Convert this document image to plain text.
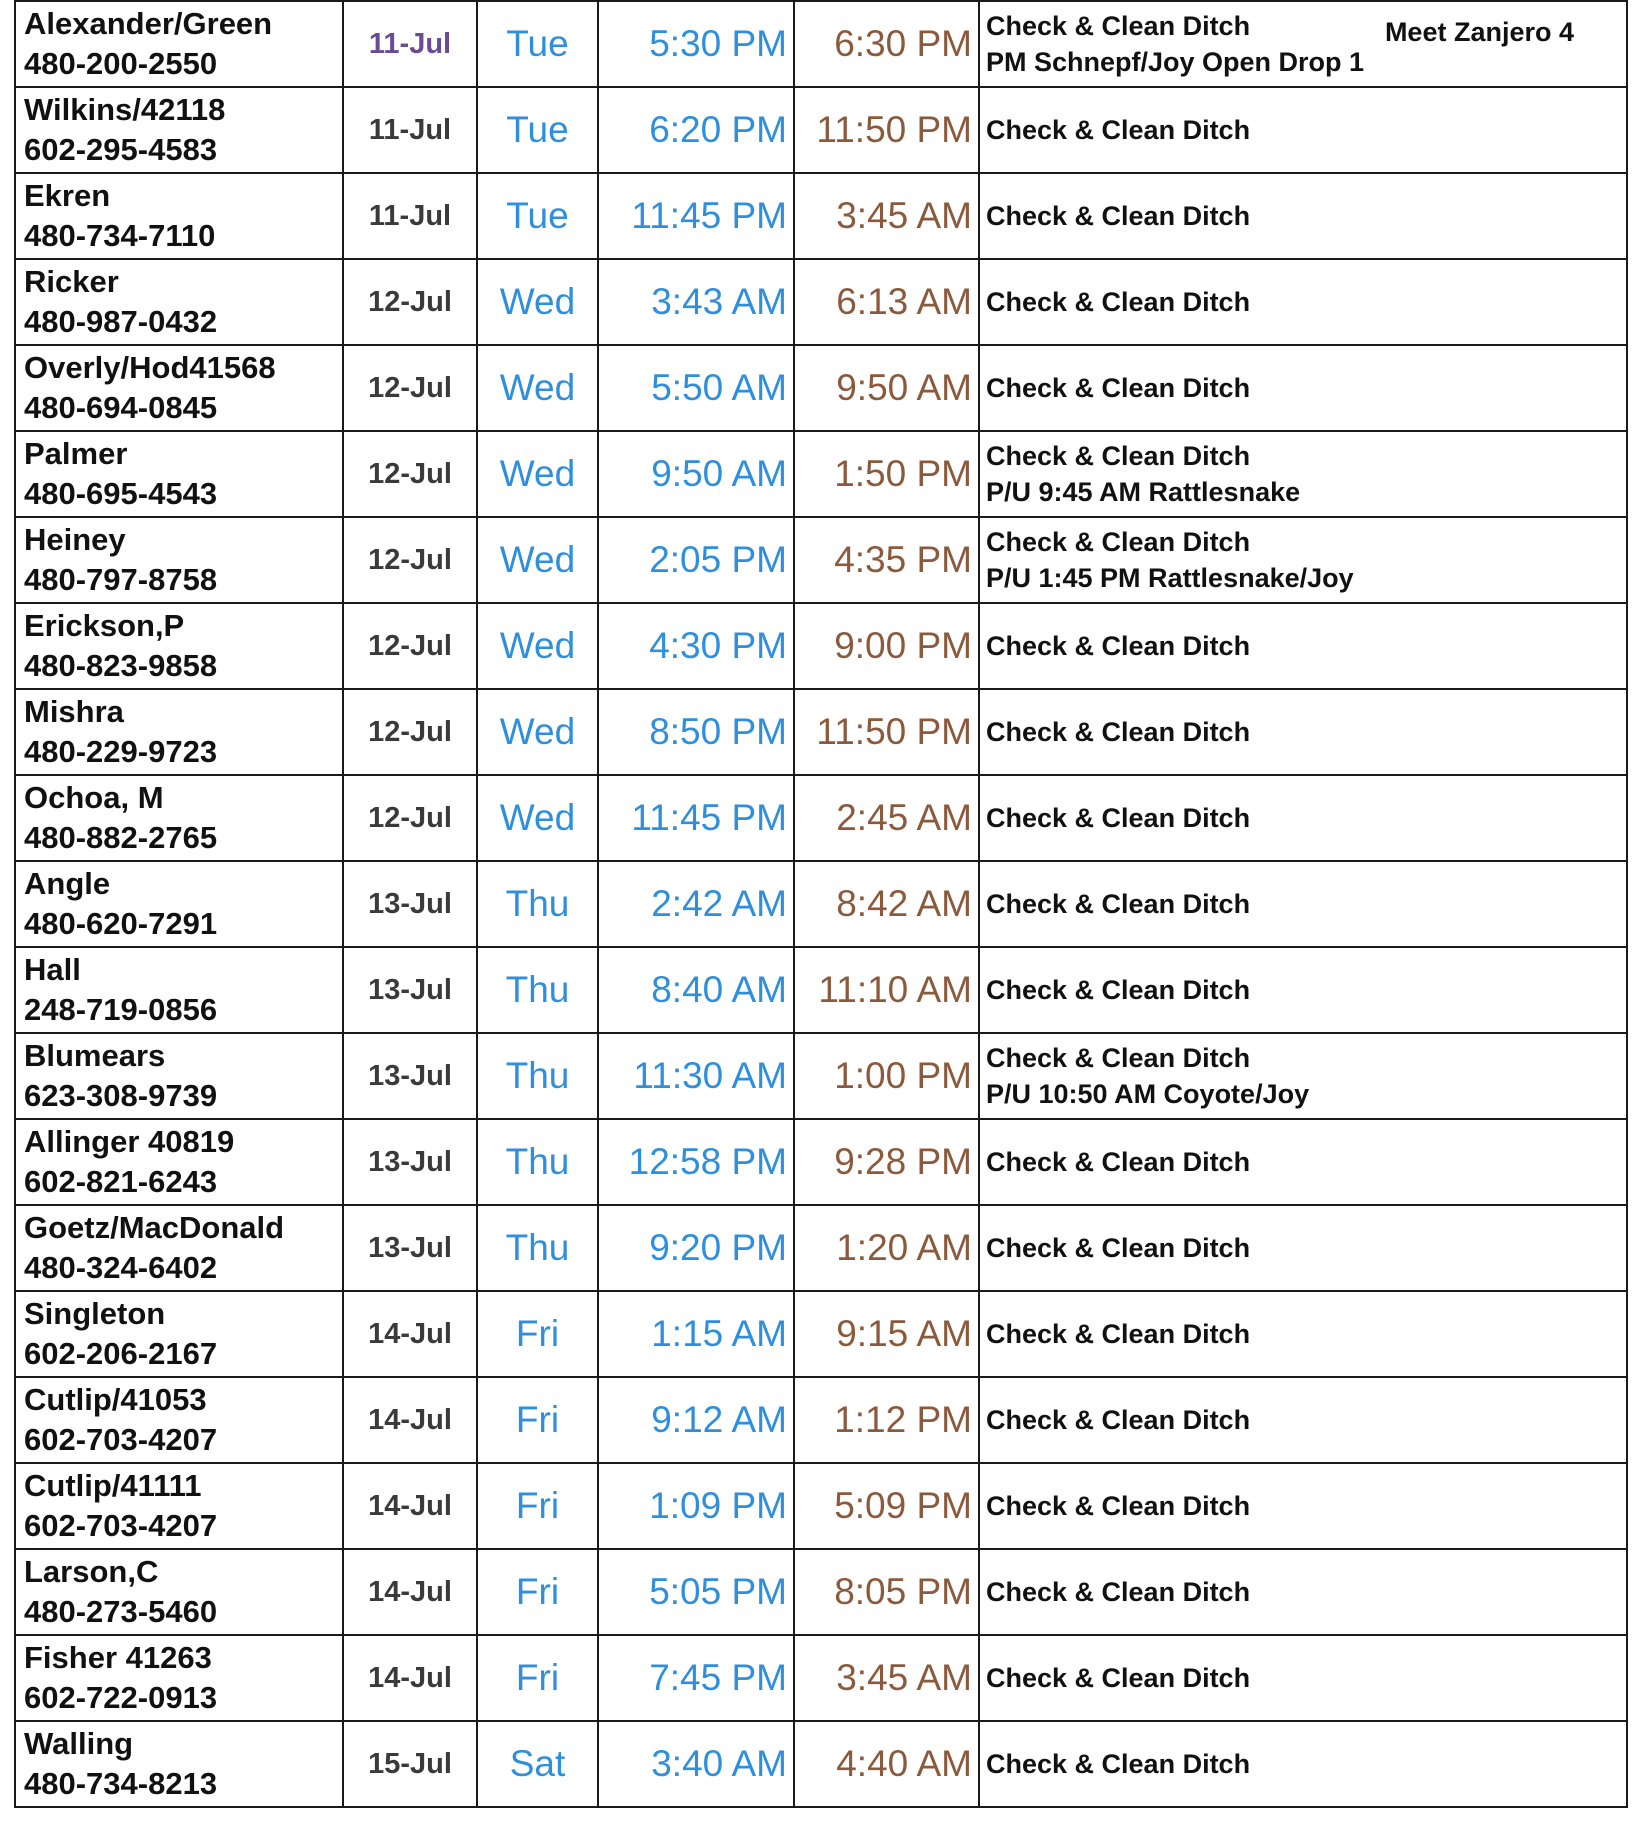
Alexander/Green
480-200-2550	11-Jul	Tue	5:30 PM	6:30 PM	Check & Clean Ditch
PM Schnepf/Joy Open Drop 1
Meet Zanjero 4

Wilkins/42118
602-295-4583	11-Jul	Tue	6:20 PM	11:50 PM	Check & Clean Ditch

Ekren
480-734-7110	11-Jul	Tue	11:45 PM	3:45 AM	Check & Clean Ditch

Ricker
480-987-0432	12-Jul	Wed	3:43 AM	6:13 AM	Check & Clean Ditch

Overly/Hod41568
480-694-0845	12-Jul	Wed	5:50 AM	9:50 AM	Check & Clean Ditch

Palmer
480-695-4543	12-Jul	Wed	9:50 AM	1:50 PM	Check & Clean Ditch
P/U 9:45 AM Rattlesnake

Heiney
480-797-8758	12-Jul	Wed	2:05 PM	4:35 PM	Check & Clean Ditch
P/U 1:45 PM Rattlesnake/Joy

Erickson,P
480-823-9858	12-Jul	Wed	4:30 PM	9:00 PM	Check & Clean Ditch

Mishra
480-229-9723	12-Jul	Wed	8:50 PM	11:50 PM	Check & Clean Ditch

Ochoa, M
480-882-2765	12-Jul	Wed	11:45 PM	2:45 AM	Check & Clean Ditch

Angle
480-620-7291	13-Jul	Thu	2:42 AM	8:42 AM	Check & Clean Ditch

Hall
248-719-0856	13-Jul	Thu	8:40 AM	11:10 AM	Check & Clean Ditch

Blumears
623-308-9739	13-Jul	Thu	11:30 AM	1:00 PM	Check & Clean Ditch
P/U 10:50 AM Coyote/Joy

Allinger 40819
602-821-6243	13-Jul	Thu	12:58 PM	9:28 PM	Check & Clean Ditch

Goetz/MacDonald
480-324-6402	13-Jul	Thu	9:20 PM	1:20 AM	Check & Clean Ditch

Singleton
602-206-2167	14-Jul	Fri	1:15 AM	9:15 AM	Check & Clean Ditch

Cutlip/41053
602-703-4207	14-Jul	Fri	9:12 AM	1:12 PM	Check & Clean Ditch

Cutlip/41111
602-703-4207	14-Jul	Fri	1:09 PM	5:09 PM	Check & Clean Ditch

Larson,C
480-273-5460	14-Jul	Fri	5:05 PM	8:05 PM	Check & Clean Ditch

Fisher 41263
602-722-0913	14-Jul	Fri	7:45 PM	3:45 AM	Check & Clean Ditch

Walling
480-734-8213	15-Jul	Sat	3:40 AM	4:40 AM	Check & Clean Ditch
